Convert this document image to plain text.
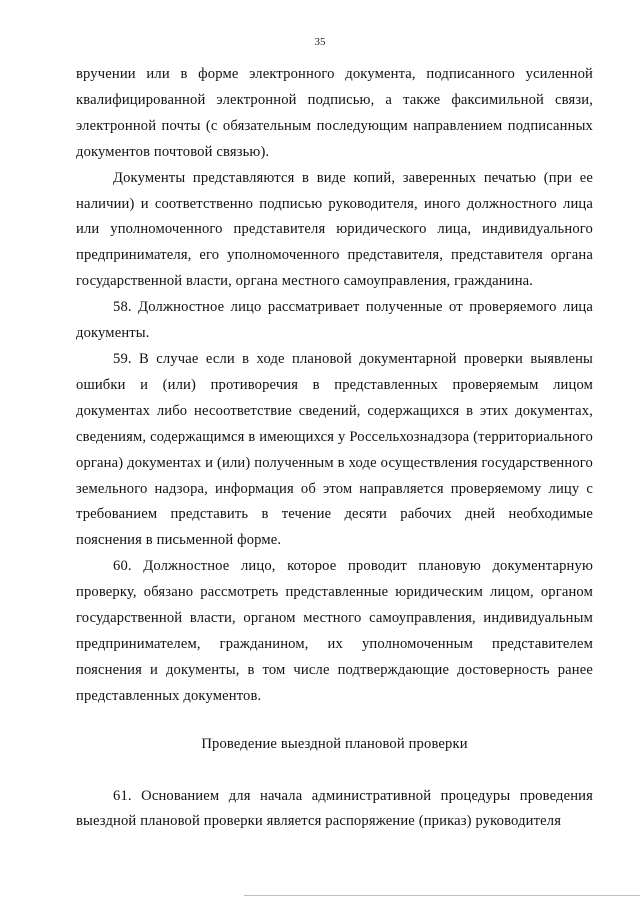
35

вручении или в форме электронного документа, подписанного усиленной квалифицированной электронной подписью, а также факсимильной связи, электронной почты (с обязательным последующим направлением подписанных документов почтовой связью).

Документы представляются в виде копий, заверенных печатью (при ее наличии) и соответственно подписью руководителя, иного должностного лица или уполномоченного представителя юридического лица, индивидуального предпринимателя, его уполномоченного представителя, представителя органа государственной власти, органа местного самоуправления, гражданина.

58. Должностное лицо рассматривает полученные от проверяемого лица документы.

59. В случае если в ходе плановой документарной проверки выявлены ошибки и (или) противоречия в представленных проверяемым лицом документах либо несоответствие сведений, содержащихся в этих документах, сведениям, содержащимся в имеющихся у Россельхознадзора (территориального органа) документах и (или) полученным в ходе осуществления государственного земельного надзора, информация об этом направляется проверяемому лицу с требованием представить в течение десяти рабочих дней необходимые пояснения в письменной форме.

60. Должностное лицо, которое проводит плановую документарную проверку, обязано рассмотреть представленные юридическим лицом, органом государственной власти, органом местного самоуправления, индивидуальным предпринимателем, гражданином, их уполномоченным представителем пояснения и документы, в том числе подтверждающие достоверность ранее представленных документов.

Проведение выездной плановой проверки

61. Основанием для начала административной процедуры проведения выездной плановой проверки является распоряжение (приказ) руководителя
